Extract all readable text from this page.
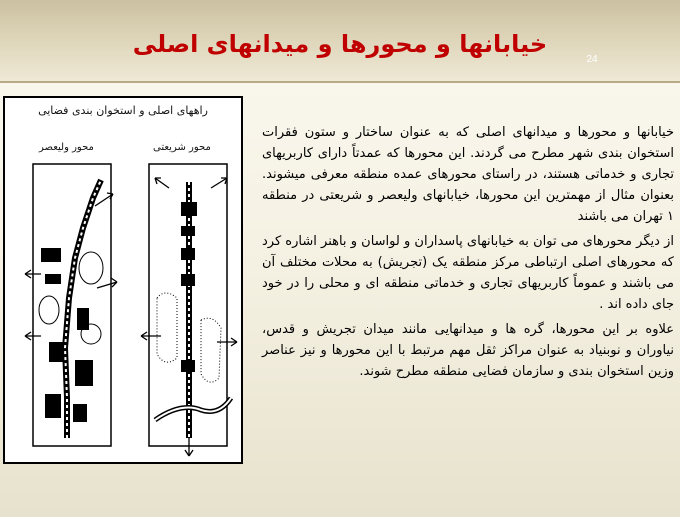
خیابانها و محورها و میدانهای اصلی
24
راههای اصلی و استخوان بندی فضایی
محور ولیعصر	محور شریعتی

خیابانها و محورها و میدانهای اصلی که به عنوان ساختار و ستون فقرات استخوان بندی شهر مطرح می گردند. این محورها که عمدتاً دارای کاربریهای تجاری و خدماتی هستند، در راستای محورهای عمده منطقه معرفی میشوند. بعنوان مثال از مهمترین این محورها، خیابانهای ولیعصر و شریعتی در منطقه ۱ تهران می باشند

از دیگر محورهای می توان به خیابانهای پاسداران و لواسان و باهنر اشاره کرد که محورهای اصلی ارتباطی مرکز منطقه یک (تجریش) به محلات مختلف آن می باشند و عموماً کاربریهای تجاری و خدماتی منطقه ای و محلی را در خود جای داده اند .

علاوه بر این محورها، گره ها و میدانهایی مانند میدان تجریش و قدس، نیاوران و نوبنیاد به عنوان مراکز ثقل مهم مرتبط با این محورها و نیز عناصر وزین استخوان بندی و سازمان فضایی منطقه مطرح شوند.
